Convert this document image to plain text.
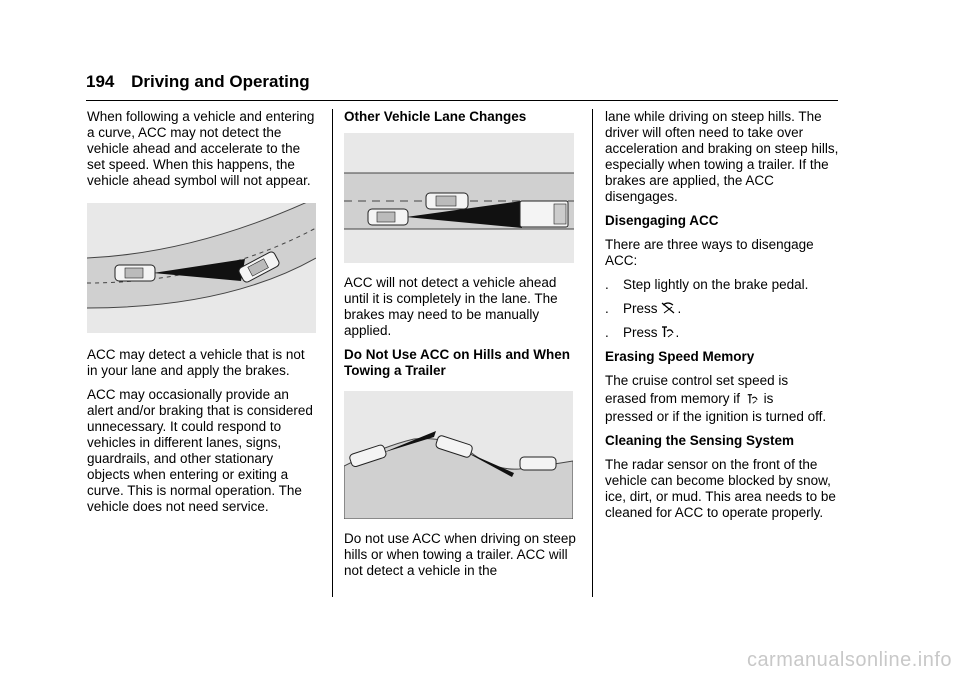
194 Driving and Operating

When following a vehicle and entering a curve, ACC may not detect the vehicle ahead and accelerate to the set speed. When this happens, the vehicle ahead symbol will not appear.

ACC may detect a vehicle that is not in your lane and apply the brakes.

ACC may occasionally provide an alert and/or braking that is considered unnecessary. It could respond to vehicles in different lanes, signs, guardrails, and other stationary objects when entering or exiting a curve. This is normal operation. The vehicle does not need service.

Other Vehicle Lane Changes

ACC will not detect a vehicle ahead until it is completely in the lane. The brakes may need to be manually applied.

Do Not Use ACC on Hills and When Towing a Trailer

Do not use ACC when driving on steep hills or when towing a trailer. ACC will not detect a vehicle in the

lane while driving on steep hills. The driver will often need to take over acceleration and braking on steep hills, especially when towing a trailer. If the brakes are applied, the ACC disengages.

Disengaging ACC

There are three ways to disengage ACC:

.	Step lightly on the brake pedal.

.	Press .

.	Press .

Erasing Speed Memory

The cruise control set speed is

erased from memory if is

pressed or if the ignition is turned off.

Cleaning the Sensing System

The radar sensor on the front of the vehicle can become blocked by snow, ice, dirt, or mud. This area needs to be cleaned for ACC to operate properly.

carmanualsonline.info
